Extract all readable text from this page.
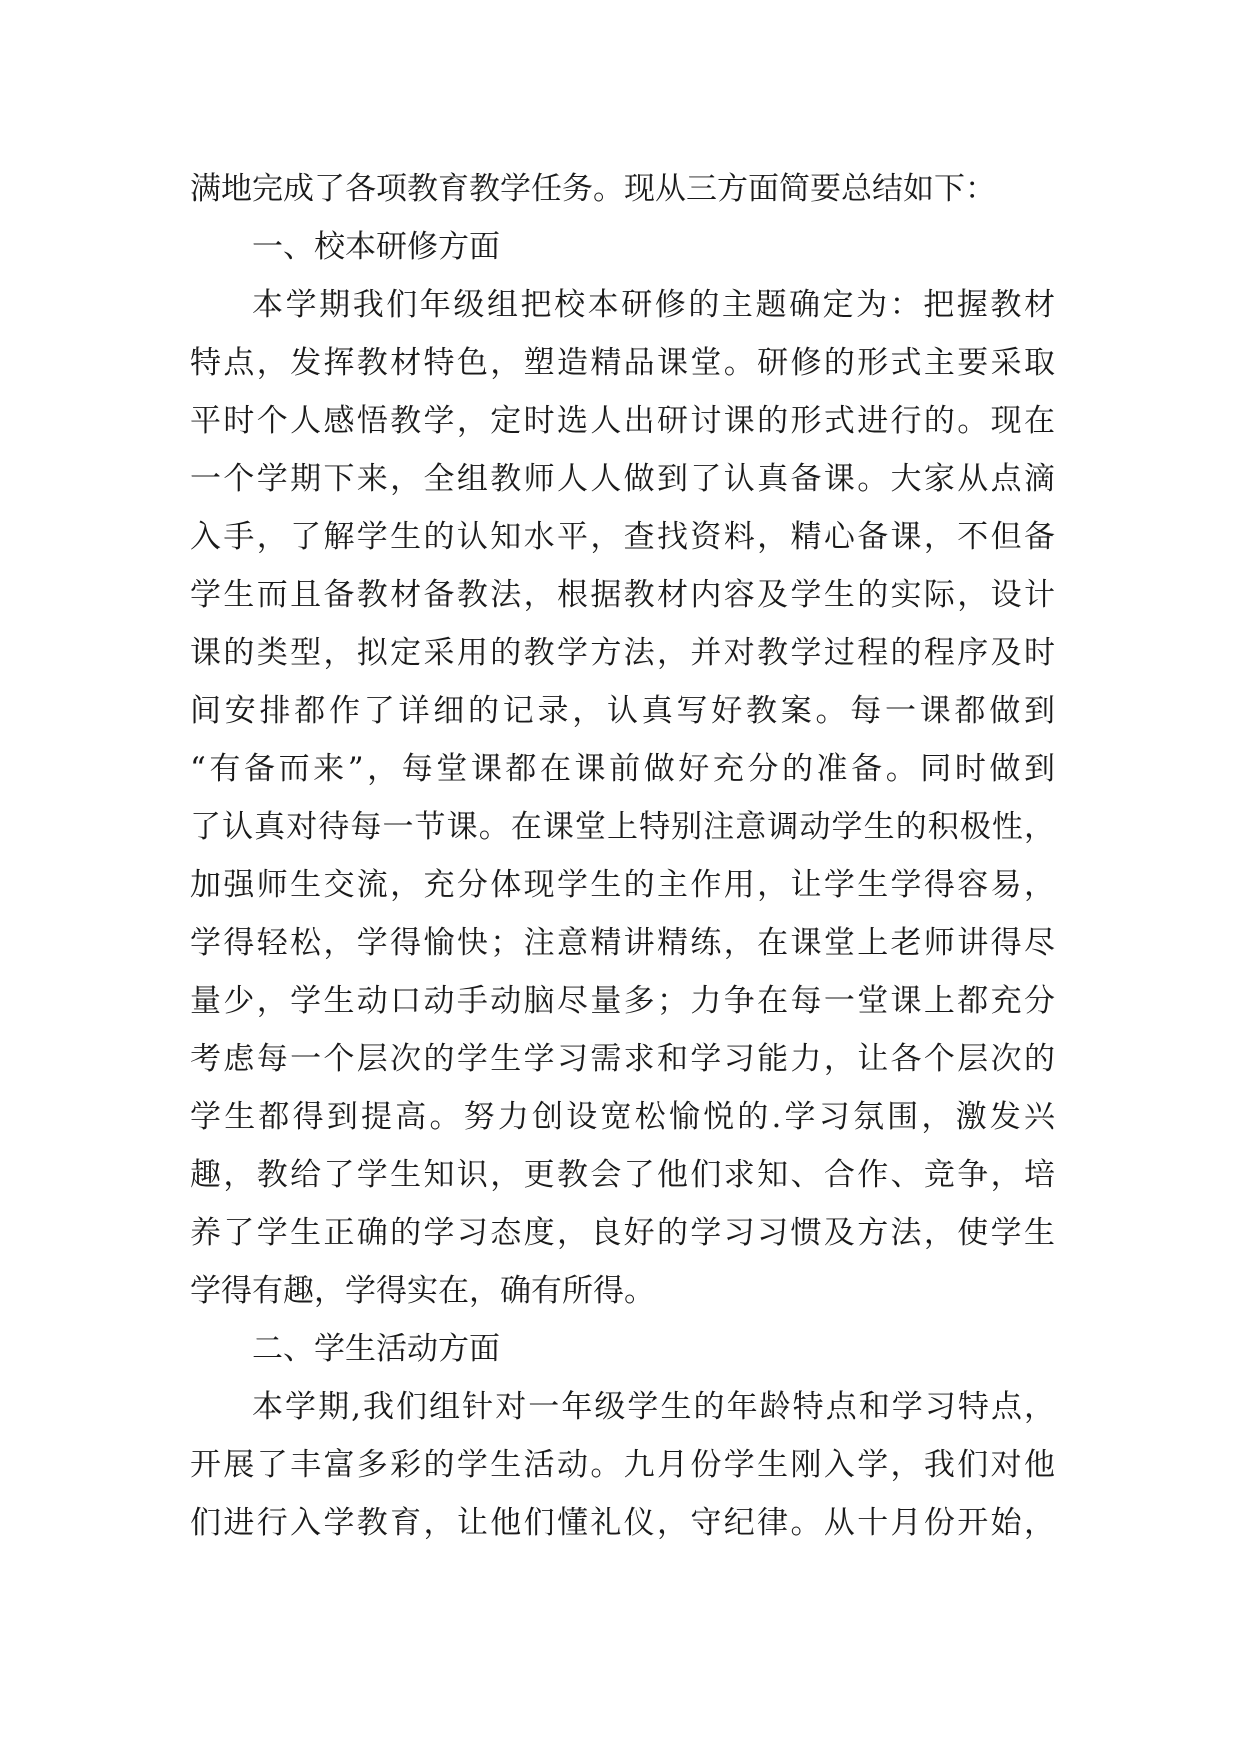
满地完成了各项教育教学任务。现从三方面简要总结如下：
一、校本研修方面
本学期我们年级组把校本研修的主题确定为：把握教材
特点，发挥教材特色，塑造精品课堂。研修的形式主要采取
平时个人感悟教学，定时选人出研讨课的形式进行的。现在
一个学期下来，全组教师人人做到了认真备课。大家从点滴
入手，了解学生的认知水平，查找资料，精心备课，不但备
学生而且备教材备教法，根据教材内容及学生的实际，设计
课的类型，拟定采用的教学方法，并对教学过程的程序及时
间安排都作了详细的记录，认真写好教案。每一课都做到
“有备而来”，每堂课都在课前做好充分的准备。同时做到
了认真对待每一节课。在课堂上特别注意调动学生的积极性，
加强师生交流，充分体现学生的主作用，让学生学得容易，
学得轻松，学得愉快；注意精讲精练，在课堂上老师讲得尽
量少，学生动口动手动脑尽量多；力争在每一堂课上都充分
考虑每一个层次的学生学习需求和学习能力，让各个层次的
学生都得到提高。努力创设宽松愉悦的.学习氛围，激发兴
趣，教给了学生知识，更教会了他们求知、合作、竞争，培
养了学生正确的学习态度，良好的学习习惯及方法，使学生
学得有趣，学得实在，确有所得。
二、学生活动方面
本学期,我们组针对一年级学生的年龄特点和学习特点，
开展了丰富多彩的学生活动。九月份学生刚入学，我们对他
们进行入学教育，让他们懂礼仪，守纪律。从十月份开始，
